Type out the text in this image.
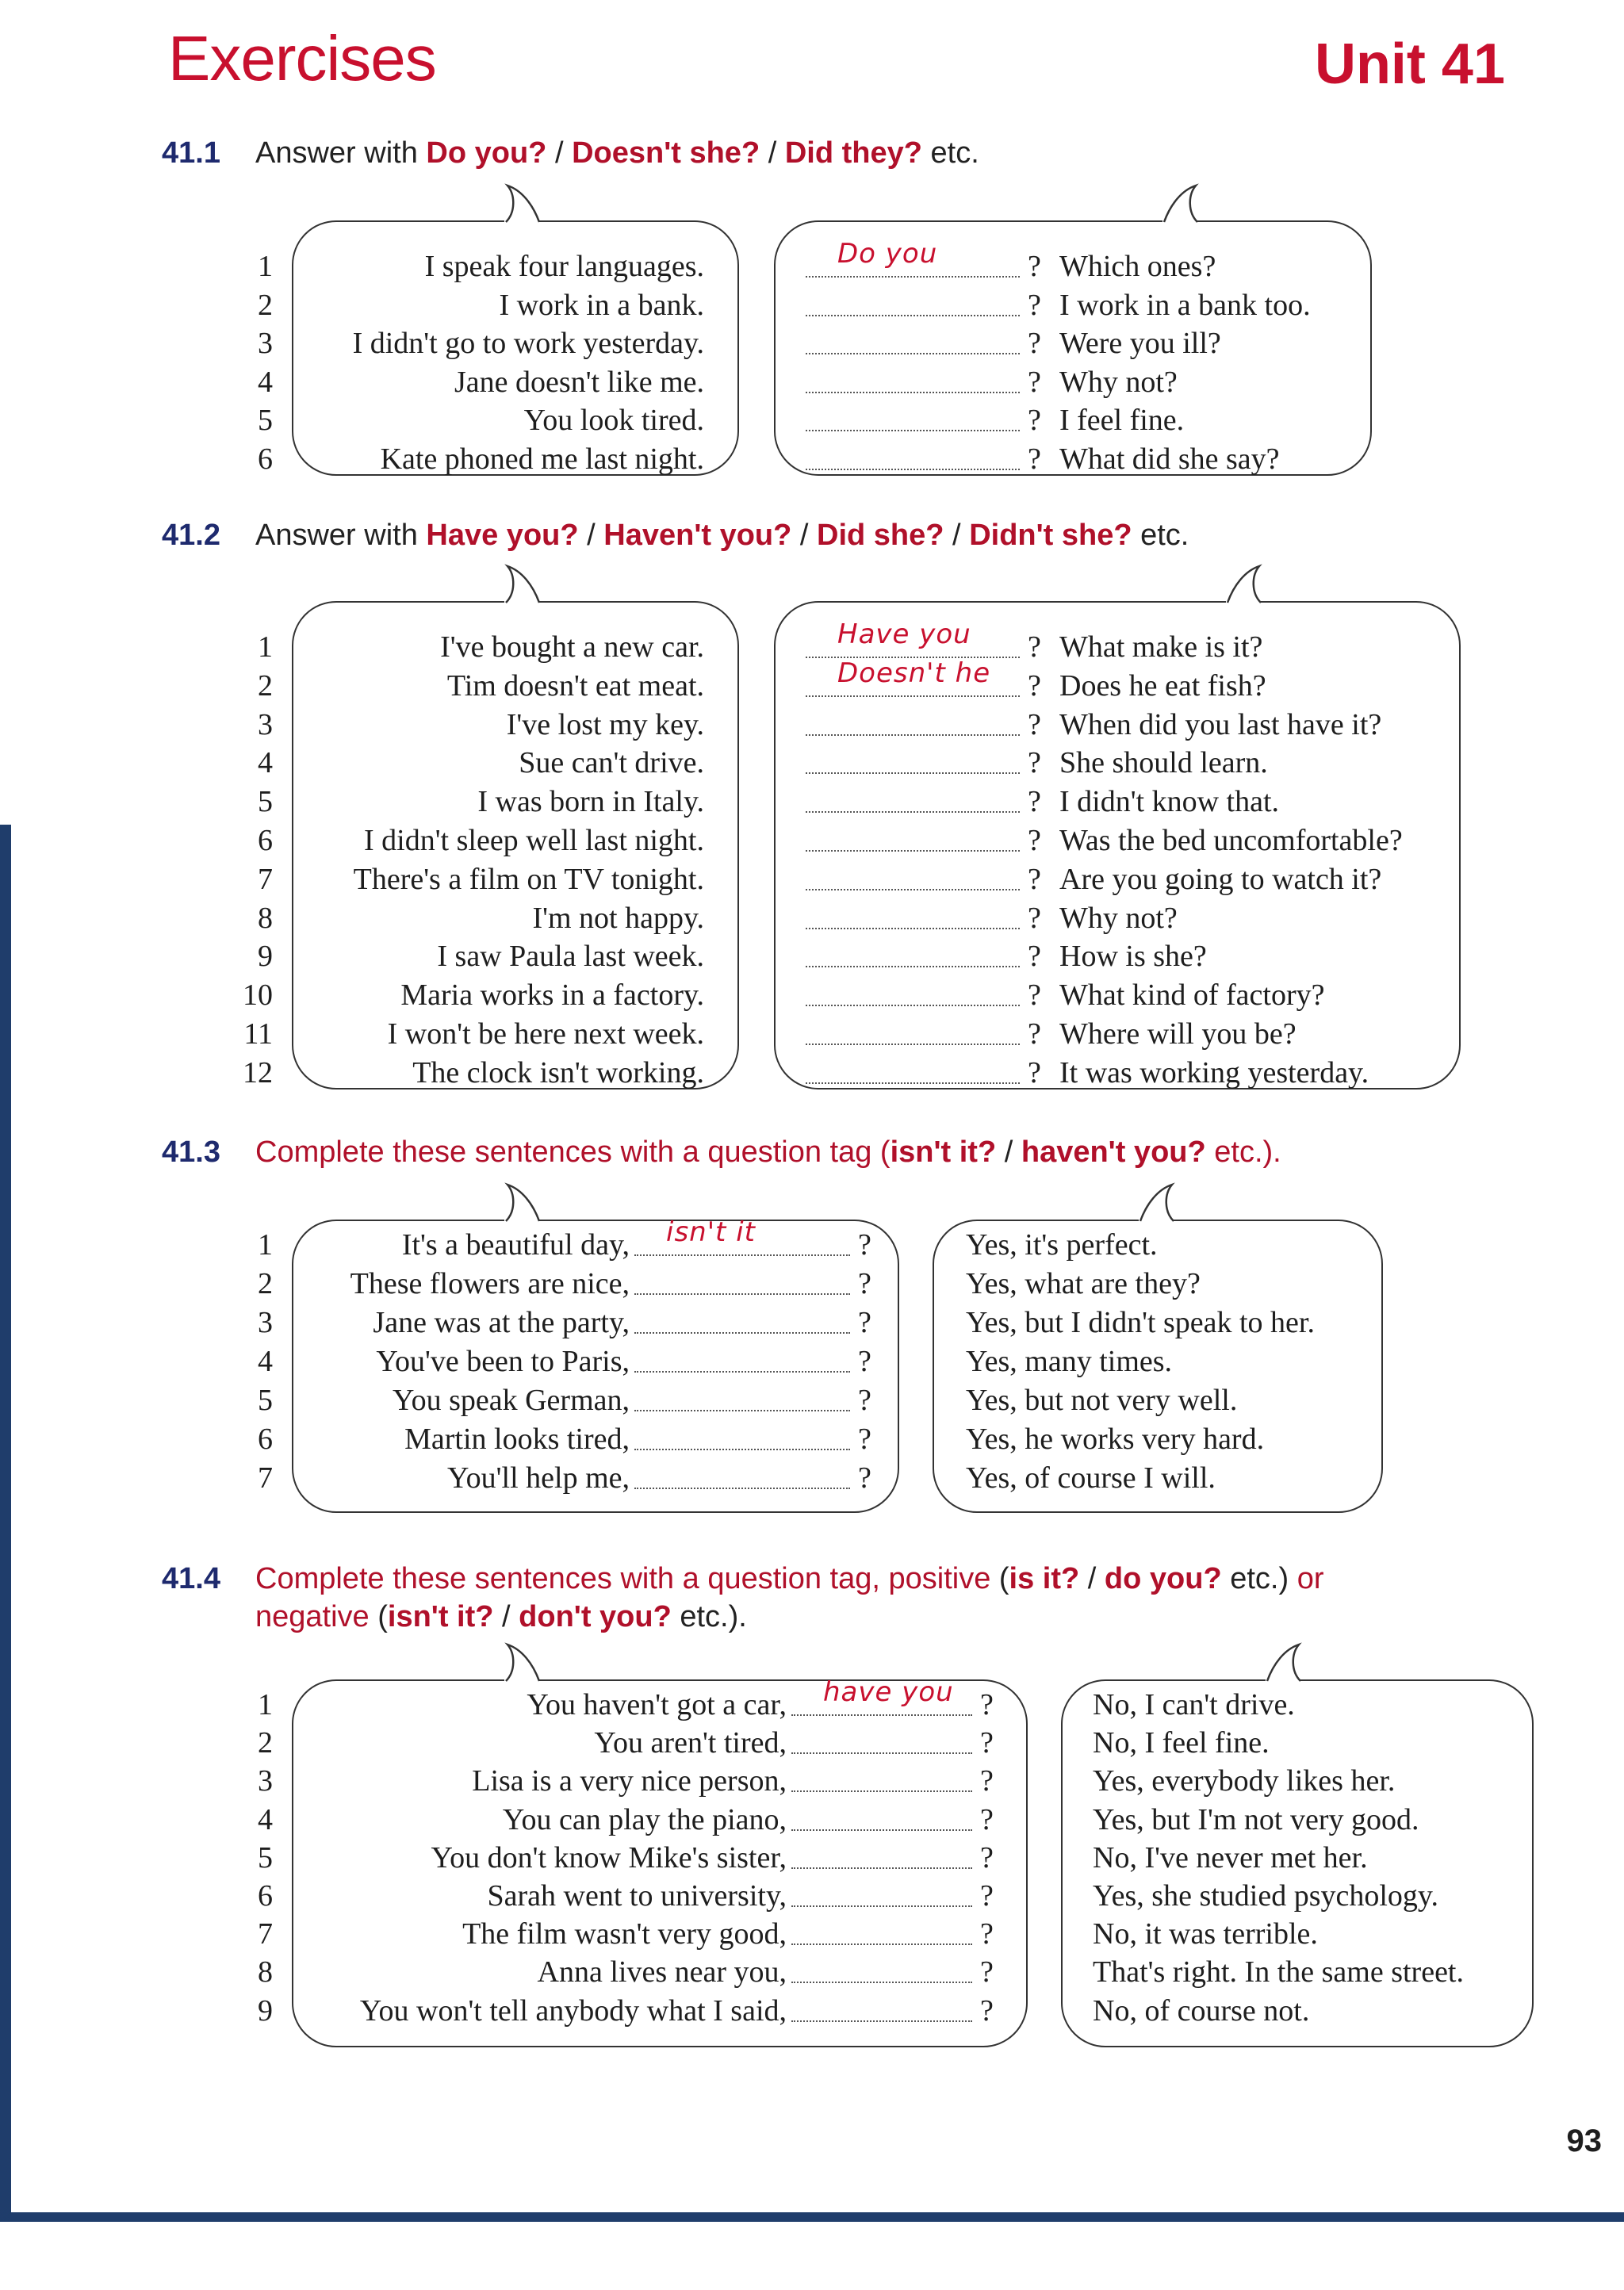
Exercises	Unit 41
41.1 Answer with Do you? / Doesn't she? / Did they? etc.
1	I speak four languages.	Do you	? Which ones?
2	I work in a bank.	? I work in a bank too.
3	I didn't go to work yesterday.	? Were you ill?
4	Jane doesn't like me.	? Why not?
5	You look tired.	? I feel fine.
6	Kate phoned me last night.	? What did she say?
41.2 Answer with Have you? / Haven't you? / Did she? / Didn't she? etc.
1	I've bought a new car.	Have you ? What make is it?
2	Tim doesn't eat meat.	Doesn't he ? Does he eat fish?
3	I've lost my key.	? When did you last have it?
4	Sue can't drive.	? She should learn.
5	I was born in Italy.	? I didn't know that.
6	I didn't sleep well last night.	? Was the bed uncomfortable?
7	There's a film on TV tonight.	? Are you going to watch it?
8	I'm not happy.	? Why not?
9	I saw Paula last week.	? How is she?
10	Maria works in a factory.	? What kind of factory?
11	I won't be here next week.	? Where will you be?
12	The clock isn't working.	? It was working yesterday.
41.3 Complete these sentences with a question tag (isn't it? / haven't you? etc.).
1	It's a beautiful day, isn't it	?	Yes, it's perfect.
2	These flowers are nice,	?	Yes, what are they?
3	Jane was at the party,	?	Yes, but I didn't speak to her.
4	You've been to Paris,	?	Yes, many times.
5	You speak German,	?	Yes, but not very well.
6	Martin looks tired,	?	Yes, he works very hard.
7	You'll help me,	?	Yes, of course I will.
41.4 Complete these sentences with a question tag, positive (is it? / do you? etc.) or
negative (isn't it? / don't you? etc.).
1	You haven't got a car, have you ?	No, I can't drive.
2	You aren't tired,	?	No, I feel fine.
3	Lisa is a very nice person,	?	Yes, everybody likes her.
4	You can play the piano,	?	Yes, but I'm not very good.
5	You don't know Mike's sister,	?	No, I've never met her.
6	Sarah went to university,	?	Yes, she studied psychology.
7	The film wasn't very good,	?	No, it was terrible.
8	Anna lives near you,	?	That's right. In the same street.
9	You won't tell anybody what I said,	?	No, of course not.
93
